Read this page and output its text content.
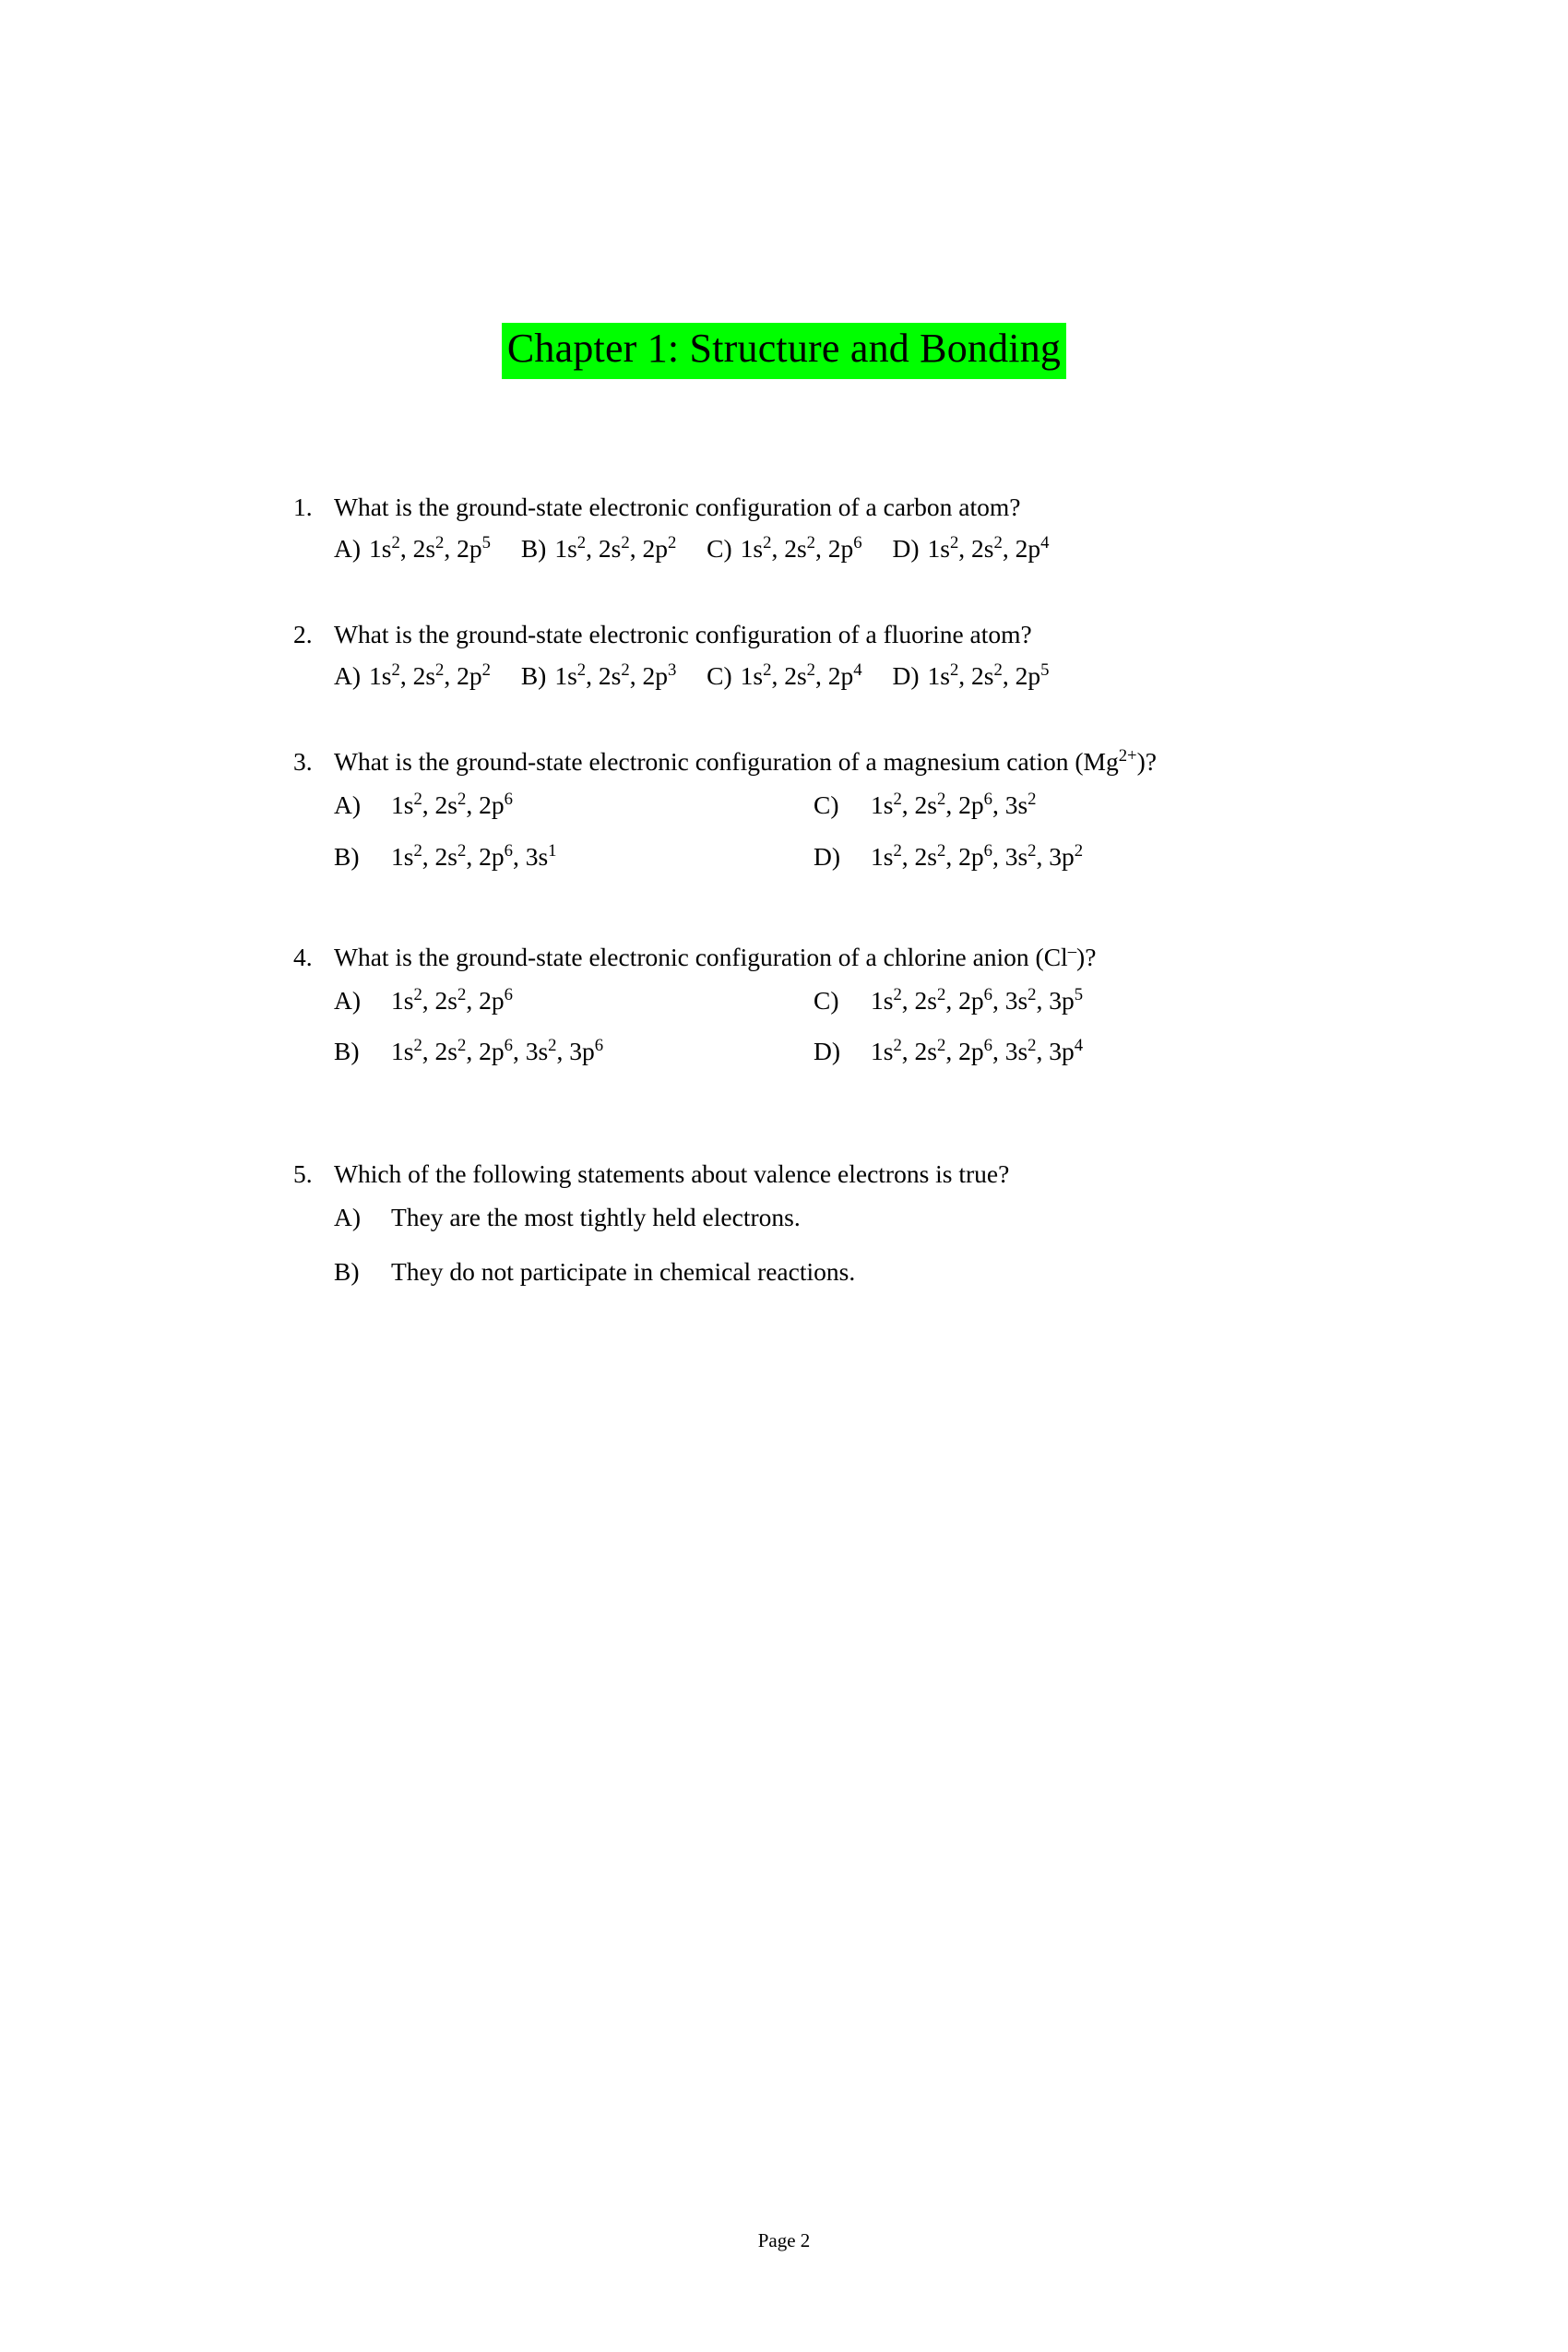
Chapter 1: Structure and Bonding
1. What is the ground-state electronic configuration of a carbon atom?
A) $1s^2$, $2s^2$, $2p^5$ B) $1s^2$, $2s^2$, $2p^2$ C) $1s^2$, $2s^2$, $2p^6$ D) $1s^2$, $2s^2$, $2p^4$
2. What is the ground-state electronic configuration of a fluorine atom?
A) $1s^2$, $2s^2$, $2p^2$ B) $1s^2$, $2s^2$, $2p^3$ C) $1s^2$, $2s^2$, $2p^4$ D) $1s^2$, $2s^2$, $2p^5$
3. What is the ground-state electronic configuration of a magnesium cation $(Mg^{2+})$?
A)	$1s^2$, $2s^2$, $2p^6$	C)	$1s^2$, $2s^2$, $2p^6$, $3s^2$
B)	$1s^2$, $2s^2$, $2p^6$, $3s^1$	D)	$1s^2$, $2s^2$, $2p^6$, $3s^2$, $3p^2$
4. What is the ground-state electronic configuration of a chlorine anion (Cl–)?
A)	$1s^2$, $2s^2$, $2p^6$	C)	$1s^2$, $2s^2$, $2p^6$, $3s^2$, $3p^5$
B)	$1s^2$, $2s^2$, $2p^6$, $3s^2$, $3p^6$	D)	$1s^2$, $2s^2$, $2p^6$, $3s^2$, $3p^4$
5. Which of the following statements about valence electrons is true?
A)	They are the most tightly held electrons.
B)	They do not participate in chemical reactions.
Page 2
